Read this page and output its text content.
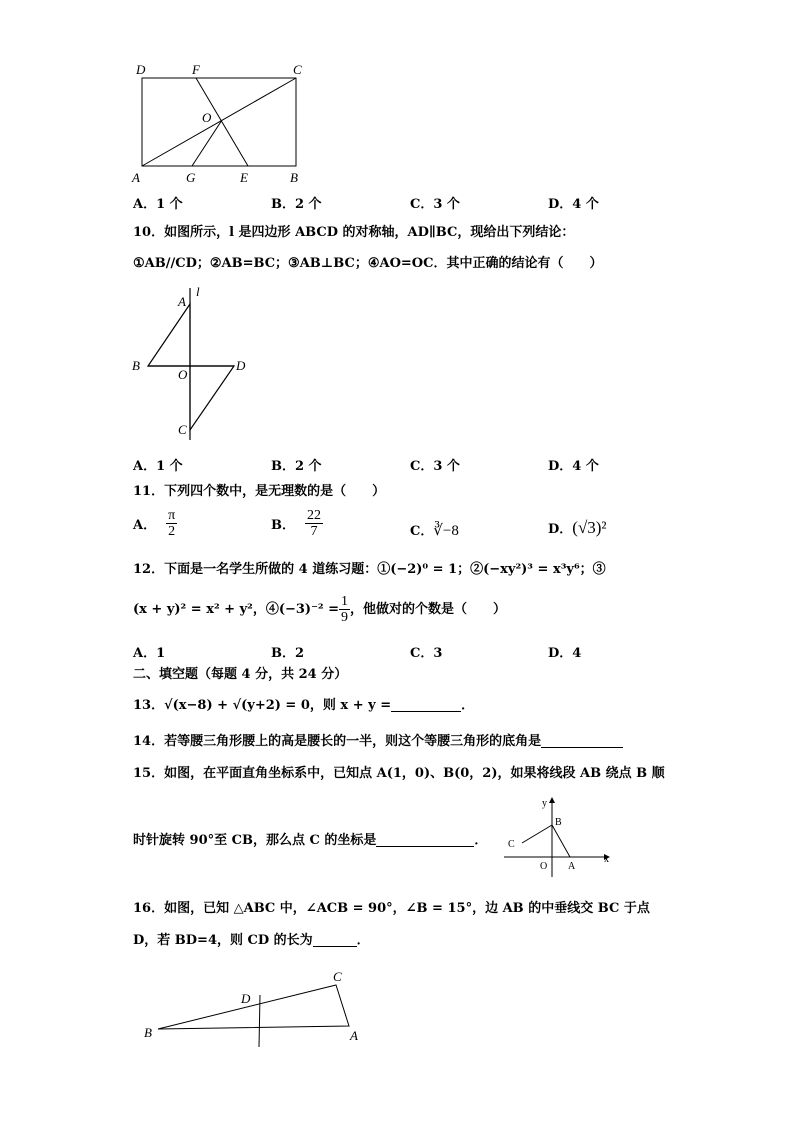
D	F	C
O
A	G	E	B
A．1 个	B．2 个	C．3 个	D．4 个
10．如图所示，l 是四边形 ABCD 的对称轴，AD∥BC，现给出下列结论：
①AB//CD；②AB=BC；③AB⊥BC；④AO=OC．其中正确的结论有（　　）
A
l
B
O
D
C
A．1 个	B．2 个	C．3 个	D．4 个
11．下列四个数中，是无理数的是（　　）
A． $\frac{\pi}{2}$	B． $\frac{22}{7}$	C．∛−8	D．(√3)²
12．下面是一名学生所做的 4 道练习题：①(−2)⁰ = 1；②(−xy²)³ = x³y⁶；③
(x + y)² = x² + y²，④(−3)⁻² = $\frac{1}{9}$ ，他做对的个数是（　　）
A．1	B．2	C．3	D．4
二、填空题（每题 4 分，共 24 分）
13．√(x−8) + √(y+2) = 0，则 x + y =	．
14．若等腰三角形腰上的高是腰长的一半，则这个等腰三角形的底角是
15．如图，在平面直角坐标系中，已知点 A(1，0)、B(0，2)，如果将线段 AB 绕点 B 顺
时针旋转 90°至 CB，那么点 C 的坐标是	．
y
x
B
C
O A
16．如图，已知 △ABC 中，∠ACB = 90°，∠B = 15°，边 AB 的中垂线交 BC 于点
D，若 BD=4，则 CD 的长为	．
B
D
C
A
